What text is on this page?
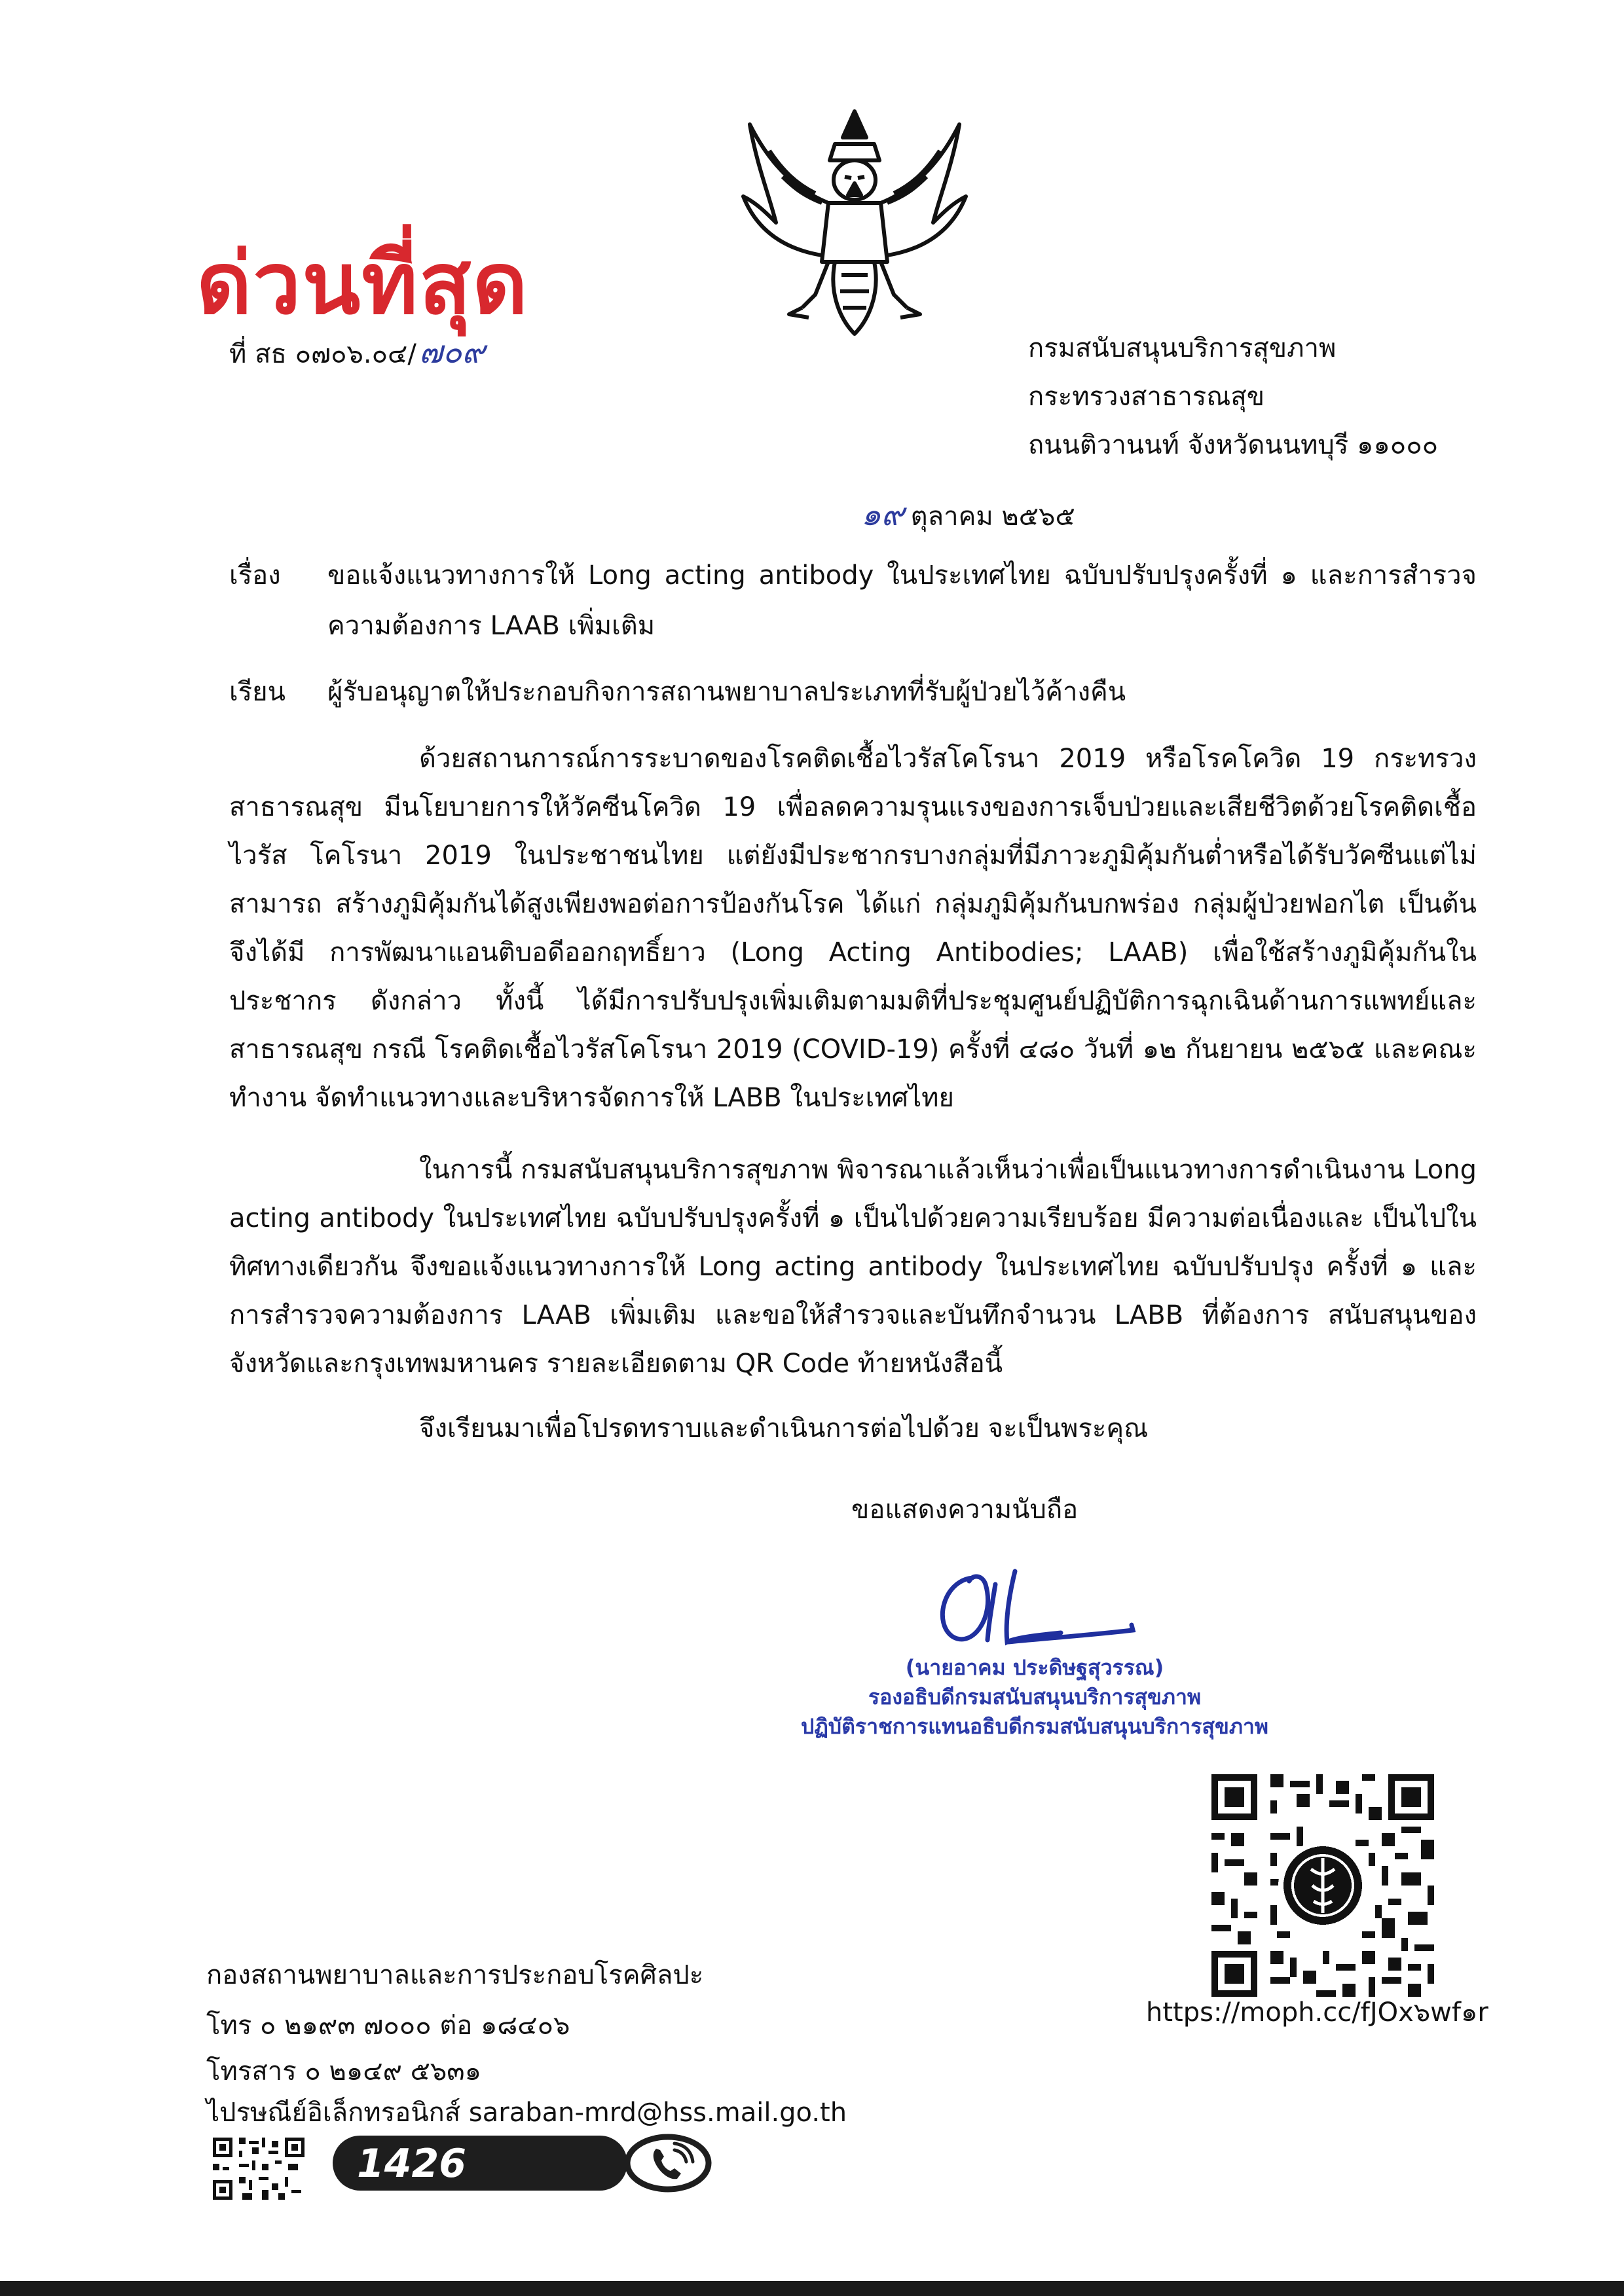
ด่วนที่สุด
ที่ สธ ๐๗๐๖.๐๔/๗๐๙	กรมสนับสนุนบริการสุขภาพ
กระทรวงสาธารณสุข
ถนนติวานนท์ จังหวัดนนทบุรี ๑๑๐๐๐
๑๙ ตุลาคม ๒๕๖๕
เรื่อง ขอแจ้งแนวทางการให้ Long acting antibody ในประเทศไทย ฉบับปรับปรุงครั้งที่ ๑ และการสำรวจ
ความต้องการ LAAB เพิ่มเติม
เรียน ผู้รับอนุญาตให้ประกอบกิจการสถานพยาบาลประเภทที่รับผู้ป่วยไว้ค้างคืน
ด้วยสถานการณ์การระบาดของโรคติดเชื้อไวรัสโคโรนา 2019 หรือโรคโควิด 19 กระทรวงสาธารณสุข มีนโยบายการให้วัคซีนโควิด 19 เพื่อลดความรุนแรงของการเจ็บป่วยและเสียชีวิตด้วยโรคติดเชื้อไวรัส โคโรนา 2019 ในประชาชนไทย แต่ยังมีประชากรบางกลุ่มที่มีภาวะภูมิคุ้มกันต่ำหรือได้รับวัคซีนแต่ไม่สามารถ สร้างภูมิคุ้มกันได้สูงเพียงพอต่อการป้องกันโรค ได้แก่ กลุ่มภูมิคุ้มกันบกพร่อง กลุ่มผู้ป่วยฟอกไต เป็นต้น จึงได้มี การพัฒนาแอนติบอดีออกฤทธิ์ยาว (Long Acting Antibodies; LAAB) เพื่อใช้สร้างภูมิคุ้มกันในประชากร ดังกล่าว ทั้งนี้ ได้มีการปรับปรุงเพิ่มเติมตามมติที่ประชุมศูนย์ปฏิบัติการฉุกเฉินด้านการแพทย์และสาธารณสุข กรณี โรคติดเชื้อไวรัสโคโรนา 2019 (COVID-19) ครั้งที่ ๔๘๐ วันที่ ๑๒ กันยายน ๒๕๖๕ และคณะทำงาน จัดทำแนวทางและบริหารจัดการให้ LABB ในประเทศไทย
ในการนี้ กรมสนับสนุนบริการสุขภาพ พิจารณาแล้วเห็นว่าเพื่อเป็นแนวทางการดำเนินงาน Long acting antibody ในประเทศไทย ฉบับปรับปรุงครั้งที่ ๑ เป็นไปด้วยความเรียบร้อย มีความต่อเนื่องและ เป็นไปในทิศทางเดียวกัน จึงขอแจ้งแนวทางการให้ Long acting antibody ในประเทศไทย ฉบับปรับปรุง ครั้งที่ ๑ และการสำรวจความต้องการ LAAB เพิ่มเติม และขอให้สำรวจและบันทึกจำนวน LABB ที่ต้องการ สนับสนุนของจังหวัดและกรุงเทพมหานคร รายละเอียดตาม QR Code ท้ายหนังสือนี้
จึงเรียนมาเพื่อโปรดทราบและดำเนินการต่อไปด้วย จะเป็นพระคุณ
ขอแสดงความนับถือ
(นายอาคม ประดิษฐสุวรรณ)
รองอธิบดีกรมสนับสนุนบริการสุขภาพ
ปฏิบัติราชการแทนอธิบดีกรมสนับสนุนบริการสุขภาพ
https://moph.cc/fJOx๖wf๑r
กองสถานพยาบาลและการประกอบโรคศิลปะ
โทร ๐ ๒๑๙๓ ๗๐๐๐ ต่อ ๑๘๔๐๖
โทรสาร ๐ ๒๑๔๙ ๕๖๓๑
ไปรษณีย์อิเล็กทรอนิกส์ saraban-mrd@hss.mail.go.th
1426
